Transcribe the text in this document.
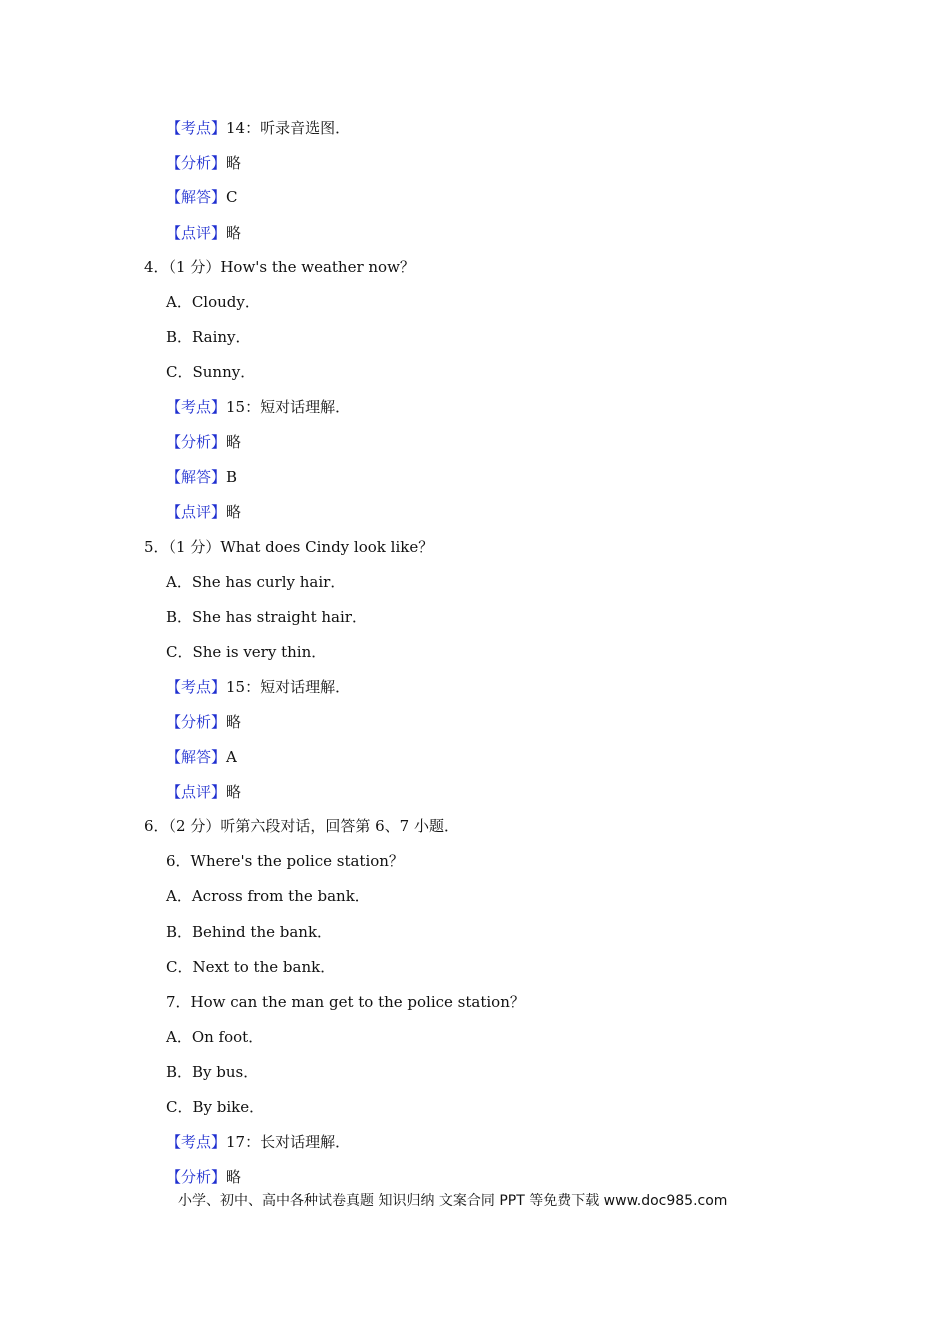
【考点】14：听录音选图．
【分析】略
【解答】C
【点评】略
4．（1 分）How's the weather now？
A．Cloudy．
B．Rainy．
C．Sunny．
【考点】15：短对话理解．
【分析】略
【解答】B
【点评】略
5．（1 分）What does Cindy look like？
A．She has curly hair．
B．She has straight hair．
C．She is very thin．
【考点】15：短对话理解．
【分析】略
【解答】A
【点评】略
6．（2 分）听第六段对话，回答第 6、7 小题．
6．Where's the police station？
A．Across from the bank．
B．Behind the bank．
C．Next to the bank．
7．How can the man get to the police station？
A．On foot．
B．By bus．
C．By bike．
【考点】17：长对话理解．
【分析】略
小学、初中、高中各种试卷真题 知识归纳 文案合同 PPT 等免费下载 www.doc985.com
